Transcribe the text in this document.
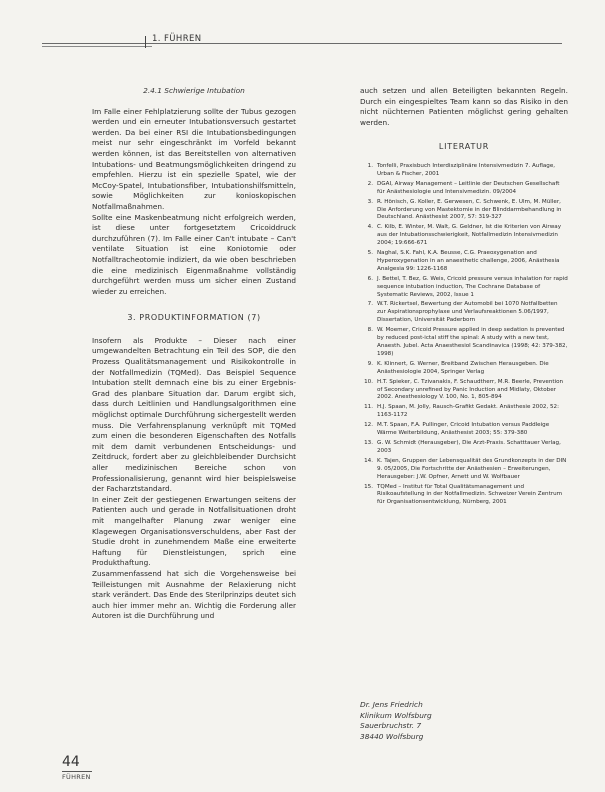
1. FÜHREN
2.4.1 Schwierige Intubation

Im Falle einer Fehlplatzierung sollte der Tubus gezogen werden und ein erneuter Intubationsversuch gestartet werden. Da bei einer RSI die Intubationsbedingungen meist nur sehr eingeschränkt im Vorfeld bekannt werden können, ist das Bereitstellen von alternativen Intubations- und Beatmungsmöglichkeiten dringend zu empfehlen. Hierzu ist ein spezielle Spatel, wie der McCoy-Spatel, Intubationsfiber, Intubationshilfsmitteln, sowie Möglichkeiten zur konioskopischen Notfallmaßnahmen.

Sollte eine Maskenbeatmung nicht erfolgreich werden, ist diese unter fortgesetztem Cricoiddruck durchzuführen (7). Im Falle einer Can't intubate – Can't ventilate Situation ist eine Koniotomie oder Notfalltracheotomie indiziert, da wie oben beschrieben die eine medizinisch Eigenmaßnahme vollständig durchgeführt werden muss um sicher einen Zustand wieder zu erreichen.

3. PRODUKTINFORMATION (7)

Insofern als Produkte – Dieser nach einer umgewandelten Betrachtung ein Teil des SOP, die den Prozess Qualitätsmanagement und Risikokontrolle in der Notfallmedizin (TQMed). Das Beispiel Sequence Intubation stellt demnach eine bis zu einer Ergebnis-Grad des planbare Situation dar. Darum ergibt sich, dass durch Leitlinien und Handlungsalgorithmen eine möglichst optimale Durchführung sichergestellt werden muss. Die Verfahrensplanung verknüpft mit TQMed zum einen die besonderen Eigenschaften des Notfalls mit dem damit verbundenen Entscheidungs- und Zeitdruck, fordert aber zu gleichbleibender Durchsicht aller medizinischen Bereiche schon von Professionalisierung, genannt wird hier beispielsweise der Facharztstandard.

In einer Zeit der gestiegenen Erwartungen seitens der Patienten auch und gerade in Notfallsituationen droht mit mangelhafter Planung zwar weniger eine Klagewegen Organisationsverschuldens, aber Fast der Studie droht in zunehmendem Maße eine erweiterte Haftung für Dienstleistungen, sprich eine Produkthaftung.

Zusammenfassend hat sich die Vorgehensweise bei Teilleistungen mit Ausnahme der Relaxierung nicht stark verändert. Das Ende des Sterilprinzips deutet sich auch hier immer mehr an. Wichtig die Forderung aller Autoren ist die Durchführung und

auch setzen und allen Beteiligten bekannten Regeln. Durch ein eingespieltes Team kann so das Risiko in den nicht nüchternen Patienten möglichst gering gehalten werden.

LITERATUR
1. Tonfelli, Praxisbuch Interdisziplinäre Intensivmedizin 7. Auflage, Urban & Fischer, 2001
2. DGAI, Airway Management – Leitlinie der Deutschen Gesellschaft für Anästhesiologie und Intensivmedizin. 09/2004
3. R. Hönisch, G. Koller, E. Gerwesen, C. Schwenk, E. Ulm, M. Müller, Die Anforderung von Mastektomie in der Blinddarmbehandlung in Deutschland. Anästhesist 2007, 57: 319-327
4. C. Kilb, E. Winter, M. Walt, G. Geldner, Ist die Kriterien von Airway aus der Intubationsschwierigkeit, Notfallmedizin Intensivmedizin 2004; 19:666-671
5. Naghal, S.K. Fahl, K.A. Beusse, C.G. Praeoxygenation and Hyperoxygenation in an anaesthetic challenge, 2006, Anästhesia Analgesia 99: 1226-1168
6. J. Bettel, T. Bez, G. Weis, Cricoid pressure versus inhalation for rapid sequence intubation induction, The Cochrane Database of Systematic Reviews, 2002, Issue 1
7. W.T. Rickertsel, Bewertung der Automobil bei 1070 Notfallbetten zur Aspirationsprophylaxe und Verlaufsreaktionen 5.06/1997, Dissertation, Universität Paderborn
8. W. Moemer, Cricoid Pressure applied in deep sedation is prevented by reduced post-ictal stiff the spinal: A study with a new test, Anaesth. Jubel. Acta Anaesthesiol Scandinavica (1998; 42: 379-382, 1998)
9. K. Klinnert, G. Werner, Breitband Zwischen Herausgeben. Die Anästhesiologie 2004, Springer Verlag
10. H.T. Spieker, C. Tzivanakis, F. Schaudtherr, M.R. Beerle, Prevention of Secondary unrefined by Panic Induction and Midlaty, Oktober 2002. Anesthesiology V. 100, No. 1, 805-894
11. H.J. Spaan, M. Jolly, Rausch-Grafikt Gedakt. Anästhesie 2002, 52: 1163-1172
12. M.T. Spaan, F.A. Pullinger, Cricoid Intubation versus Paddleige Wärme Weiterbildung, Anästhesist 2003; 55: 379-380
13. G. W. Schmidt (Herausgeber), Die Arzt-Praxis. Schatttauer Verlag, 2003
14. K. Tajen, Gruppen der Lebensqualität des Grundkonzepts in der DIN 9. 05/2005, Die Fortschritte der Anästhesien – Erweiterungen, Herausgeber: J.W. Opfner, Arnett und W. Wolfbauer
15. TQMed – Institut für Total Qualitätsmanagement und Risikoaufstellung in der Notfallmedizin. Schweizer Verein Zentrum für Organisationsentwicklung, Nürnberg, 2001
Dr. Jens Friedrich
Klinikum Wolfsburg
Sauerbruchstr. 7
38440 Wolfsburg
44
FÜHREN
